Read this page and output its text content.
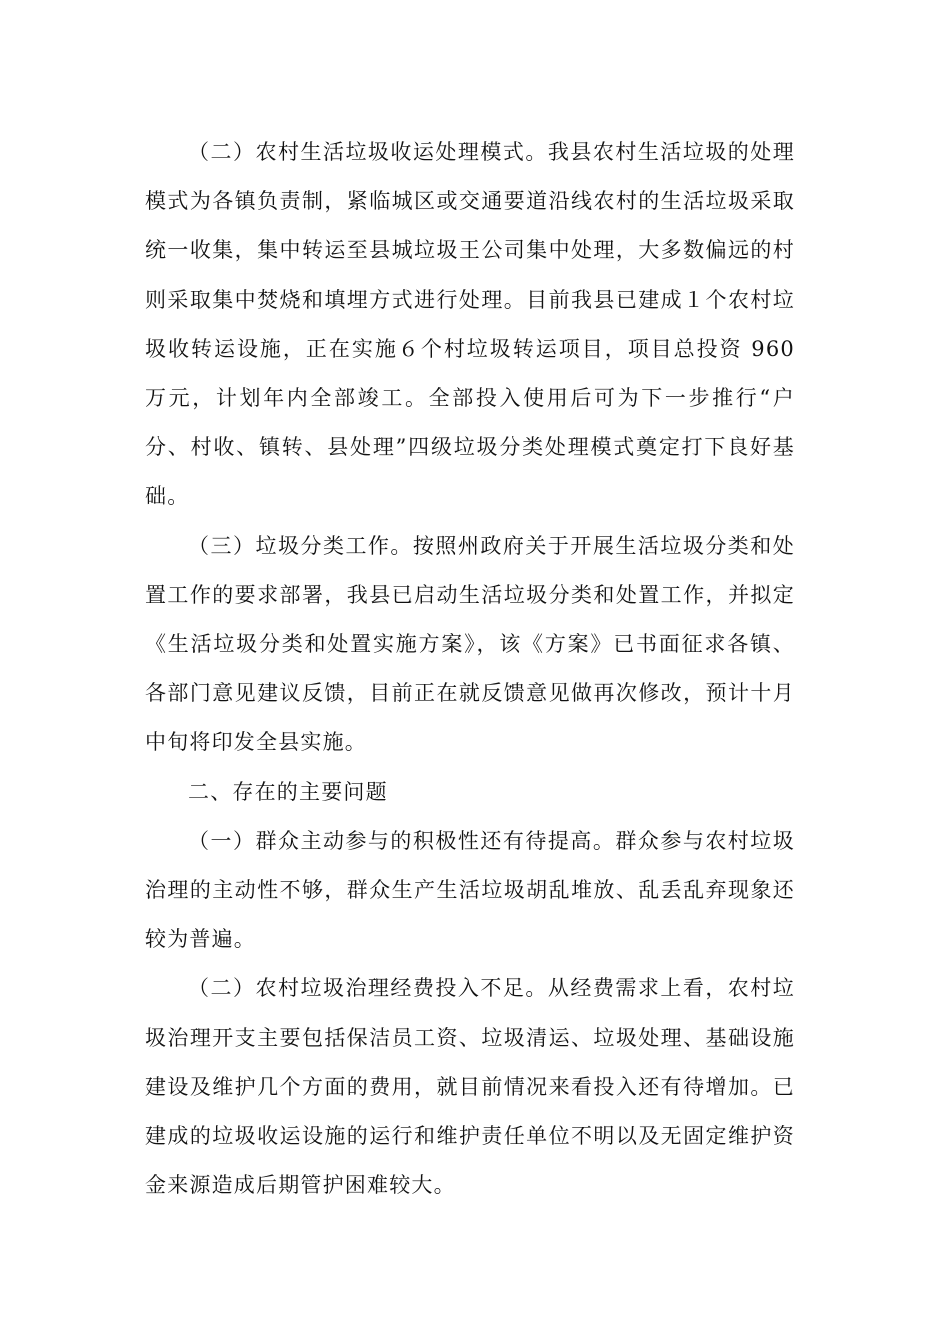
（二）农村生活垃圾收运处理模式。我县农村生活垃圾的处理模式为各镇负责制，紧临城区或交通要道沿线农村的生活垃圾采取统一收集，集中转运至县城垃圾王公司集中处理，大多数偏远的村则采取集中焚烧和填埋方式进行处理。目前我县已建成１个农村垃圾收转运设施，正在实施６个村垃圾转运项目，项目总投资 960 万元，计划年内全部竣工。全部投入使用后可为下一步推行“户分、村收、镇转、县处理”四级垃圾分类处理模式奠定打下良好基础。

（三）垃圾分类工作。按照州政府关于开展生活垃圾分类和处置工作的要求部署，我县已启动生活垃圾分类和处置工作，并拟定《生活垃圾分类和处置实施方案》，该《方案》已书面征求各镇、各部门意见建议反馈，目前正在就反馈意见做再次修改，预计十月中旬将印发全县实施。

二、存在的主要问题

（一）群众主动参与的积极性还有待提高。群众参与农村垃圾治理的主动性不够，群众生产生活垃圾胡乱堆放、乱丢乱弃现象还较为普遍。

（二）农村垃圾治理经费投入不足。从经费需求上看，农村垃圾治理开支主要包括保洁员工资、垃圾清运、垃圾处理、基础设施建设及维护几个方面的费用，就目前情况来看投入还有待增加。已建成的垃圾收运设施的运行和维护责任单位不明以及无固定维护资金来源造成后期管护困难较大。
